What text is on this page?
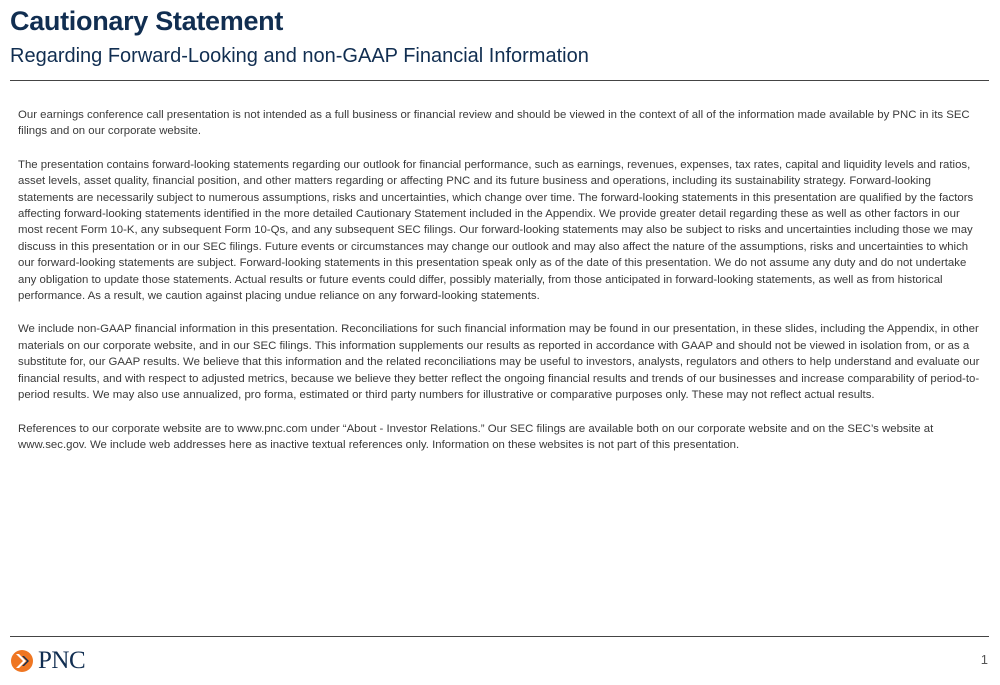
Cautionary Statement
Regarding Forward-Looking and non-GAAP Financial Information

Our earnings conference call presentation is not intended as a full business or financial review and should be viewed in the context of all of the information made available by PNC in its SEC filings and on our corporate website.

The presentation contains forward-looking statements regarding our outlook for financial performance, such as earnings, revenues, expenses, tax rates, capital and liquidity levels and ratios, asset levels, asset quality, financial position, and other matters regarding or affecting PNC and its future business and operations, including its sustainability strategy. Forward-looking statements are necessarily subject to numerous assumptions, risks and uncertainties, which change over time. The forward-looking statements in this presentation are qualified by the factors affecting forward-looking statements identified in the more detailed Cautionary Statement included in the Appendix. We provide greater detail regarding these as well as other factors in our most recent Form 10-K, any subsequent Form 10-Qs, and any subsequent SEC filings. Our forward-looking statements may also be subject to risks and uncertainties including those we may discuss in this presentation or in our SEC filings. Future events or circumstances may change our outlook and may also affect the nature of the assumptions, risks and uncertainties to which our forward-looking statements are subject. Forward-looking statements in this presentation speak only as of the date of this presentation. We do not assume any duty and do not undertake any obligation to update those statements. Actual results or future events could differ, possibly materially, from those anticipated in forward-looking statements, as well as from historical performance. As a result, we caution against placing undue reliance on any forward-looking statements.

We include non-GAAP financial information in this presentation. Reconciliations for such financial information may be found in our presentation, in these slides, including the Appendix, in other materials on our corporate website, and in our SEC filings. This information supplements our results as reported in accordance with GAAP and should not be viewed in isolation from, or as a substitute for, our GAAP results. We believe that this information and the related reconciliations may be useful to investors, analysts, regulators and others to help understand and evaluate our financial results, and with respect to adjusted metrics, because we believe they better reflect the ongoing financial results and trends of our businesses and increase comparability of period-to-period results. We may also use annualized, pro forma, estimated or third party numbers for illustrative or comparative purposes only. These may not reflect actual results.

References to our corporate website are to www.pnc.com under “About - Investor Relations.” Our SEC filings are available both on our corporate website and on the SEC’s website at www.sec.gov. We include web addresses here as inactive textual references only. Information on these websites is not part of this presentation.

PNC	1
